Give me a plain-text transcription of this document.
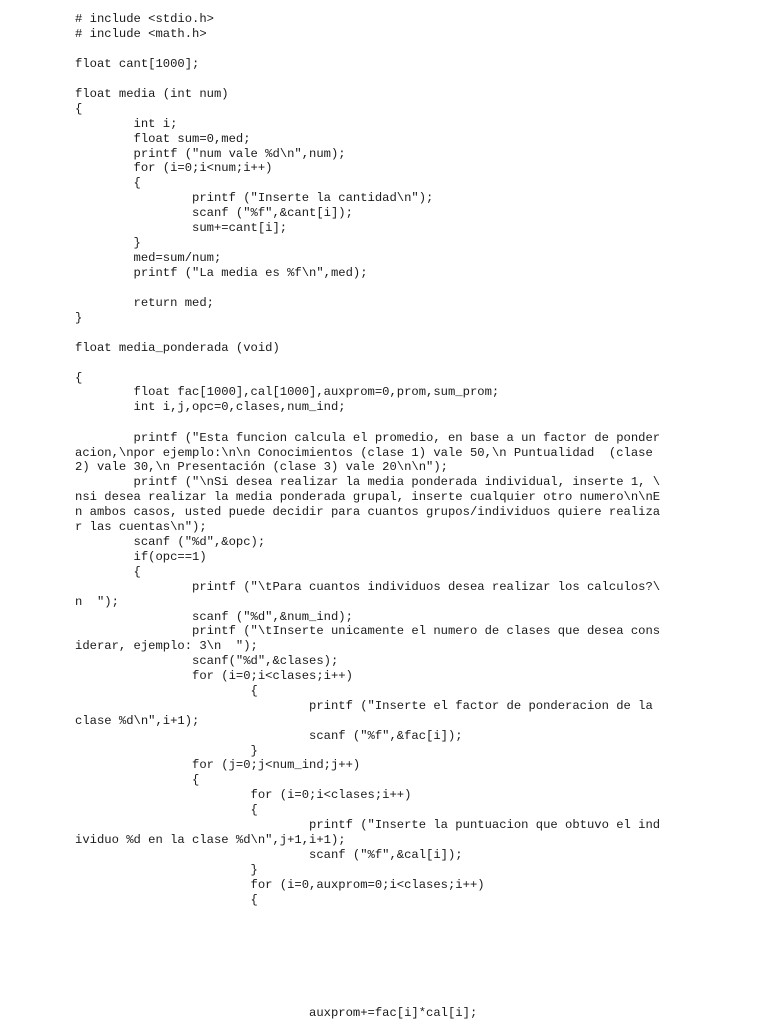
# include <stdio.h>
# include <math.h>
float cant[1000];
float media (int num)
{
int i;
float sum=0,med;
printf ("num vale %d\n",num);
for (i=0;i<num;i++)
{
printf ("Inserte la cantidad\n");
scanf ("%f",&cant[i]);
sum+=cant[i];
}
med=sum/num;
printf ("La media es %f\n",med);
return med;
}
float media_ponderada (void)
{
float fac[1000],cal[1000],auxprom=0,prom,sum_prom;
int i,j,opc=0,clases,num_ind;
printf ("Esta funcion calcula el promedio, en base a un factor de ponder
acion,\npor ejemplo:\n\n Conocimientos (clase 1) vale 50,\n Puntualidad  (clase
2) vale 30,\n Presentación (clase 3) vale 20\n\n");
printf ("\nSi desea realizar la media ponderada individual, inserte 1, \
nsi desea realizar la media ponderada grupal, inserte cualquier otro numero\n\nE
n ambos casos, usted puede decidir para cuantos grupos/individuos quiere realiza
r las cuentas\n");
scanf ("%d",&opc);
if(opc==1)
{
printf ("\tPara cuantos individuos desea realizar los calculos?\
n  ");
scanf ("%d",&num_ind);
printf ("\tInserte unicamente el numero de clases que desea cons
iderar, ejemplo: 3\n  ");
scanf("%d",&clases);
for (i=0;i<clases;i++)
{
printf ("Inserte el factor de ponderacion de la
clase %d\n",i+1);
scanf ("%f",&fac[i]);
}
for (j=0;j<num_ind;j++)
{
for (i=0;i<clases;i++)
{
printf ("Inserte la puntuacion que obtuvo el ind
ividuo %d en la clase %d\n",j+1,i+1);
scanf ("%f",&cal[i]);
}
for (i=0,auxprom=0;i<clases;i++)
{
auxprom+=fac[i]*cal[i];
